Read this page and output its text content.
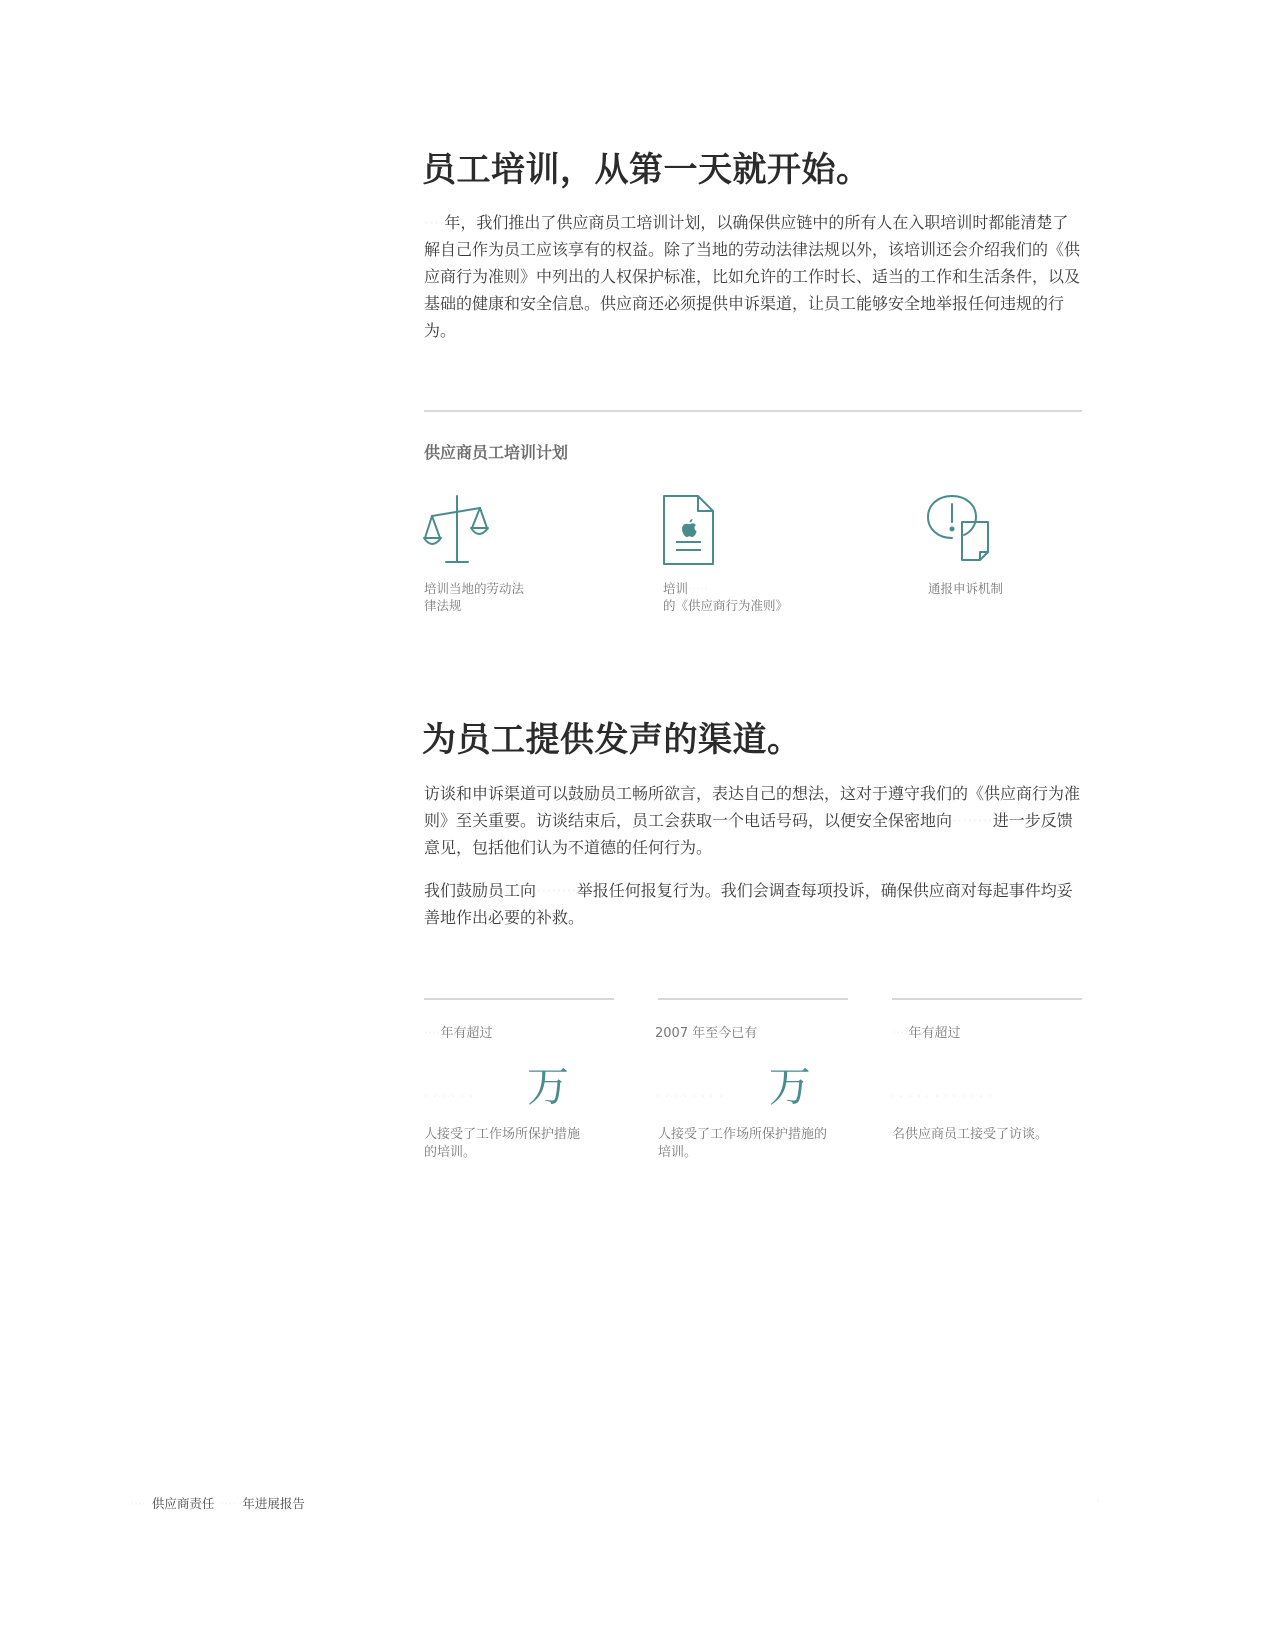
员工培训，从第一天就开始。

····年，我们推出了供应商员工培训计划，以确保供应链中的所有人在入职培训时都能清楚了解自己作为员工应该享有的权益。除了当地的劳动法律法规以外，该培训还会介绍我们的《供应商行为准则》中列出的人权保护标准，比如允许的工作时长、适当的工作和生活条件，以及基础的健康和安全信息。供应商还必须提供申诉渠道，让员工能够安全地举报任何违规的行为。

供应商员工培训计划
培训当地的劳动法律法规
培训·····的《供应商行为准则》
通报申诉机制
为员工提供发声的渠道。

访谈和申诉渠道可以鼓励员工畅所欲言，表达自己的想法，这对于遵守我们的《供应商行为准则》至关重要。访谈结束后，员工会获取一个电话号码，以便安全保密地向········进一步反馈意见，包括他们认为不道德的任何行为。

我们鼓励员工向········举报任何报复行为。我们会调查每项投诉，确保供应商对每起事件均妥善地作出必要的补救。

····年有超过	2007 年至今已有	····年有超过
· · · · · · 万	· · · · · · · · 万	· · · · · · · · · · · ·
人接受了工作场所保护措施的培训。
人接受了工作场所保护措施的培训。
名供应商员工接受了访谈。
···· 供应商责任 ···· 年进展报告	·
